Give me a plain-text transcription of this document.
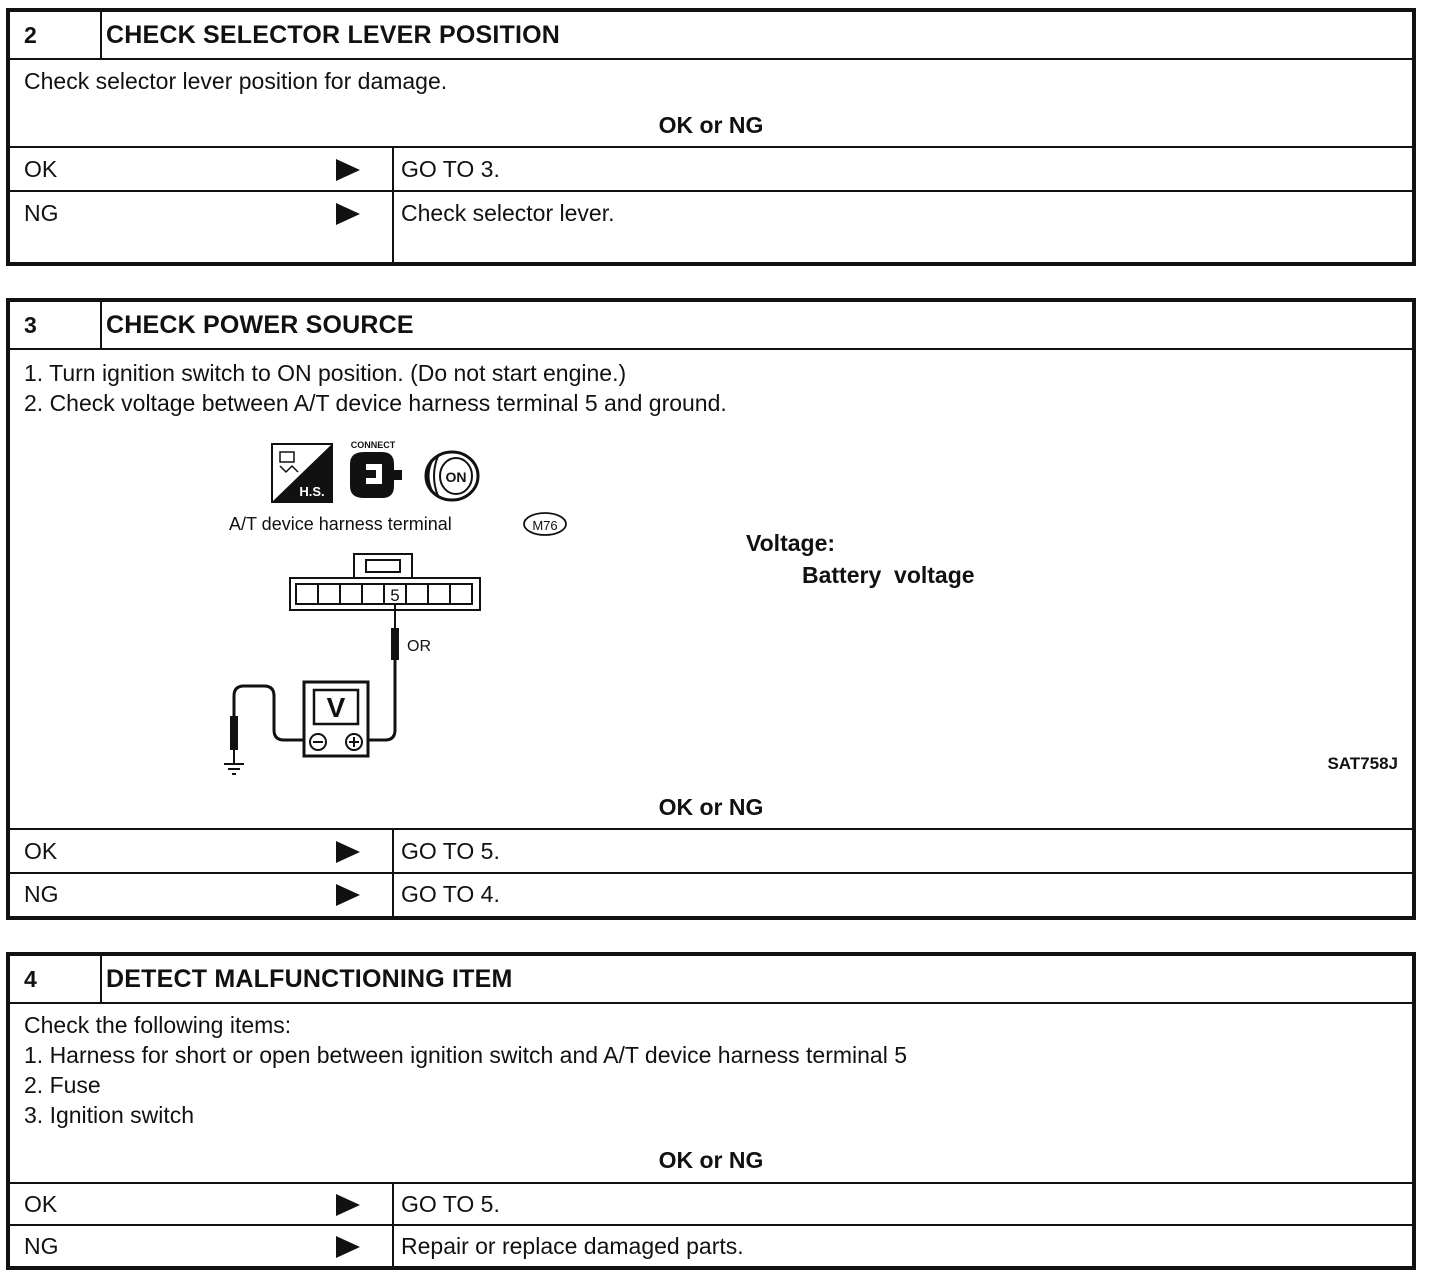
2	CHECK SELECTOR LEVER POSITION
Check selector lever position for damage.
OK or NG
OK	GO TO 3.
NG	Check selector lever.
3	CHECK POWER SOURCE
1. Turn ignition switch to ON position. (Do not start engine.)
2. Check voltage between A/T device harness terminal 5 and ground.
H.S.
CONNECT
ON
A/T device harness terminal	M76
5
OR
V
Voltage:
Battery  voltage
SAT758J
OK or NG
OK	GO TO 5.
NG	GO TO 4.
4	DETECT MALFUNCTIONING ITEM
Check the following items:
1. Harness for short or open between ignition switch and A/T device harness terminal 5
2. Fuse
3. Ignition switch
OK or NG
OK	GO TO 5.
NG	Repair or replace damaged parts.
